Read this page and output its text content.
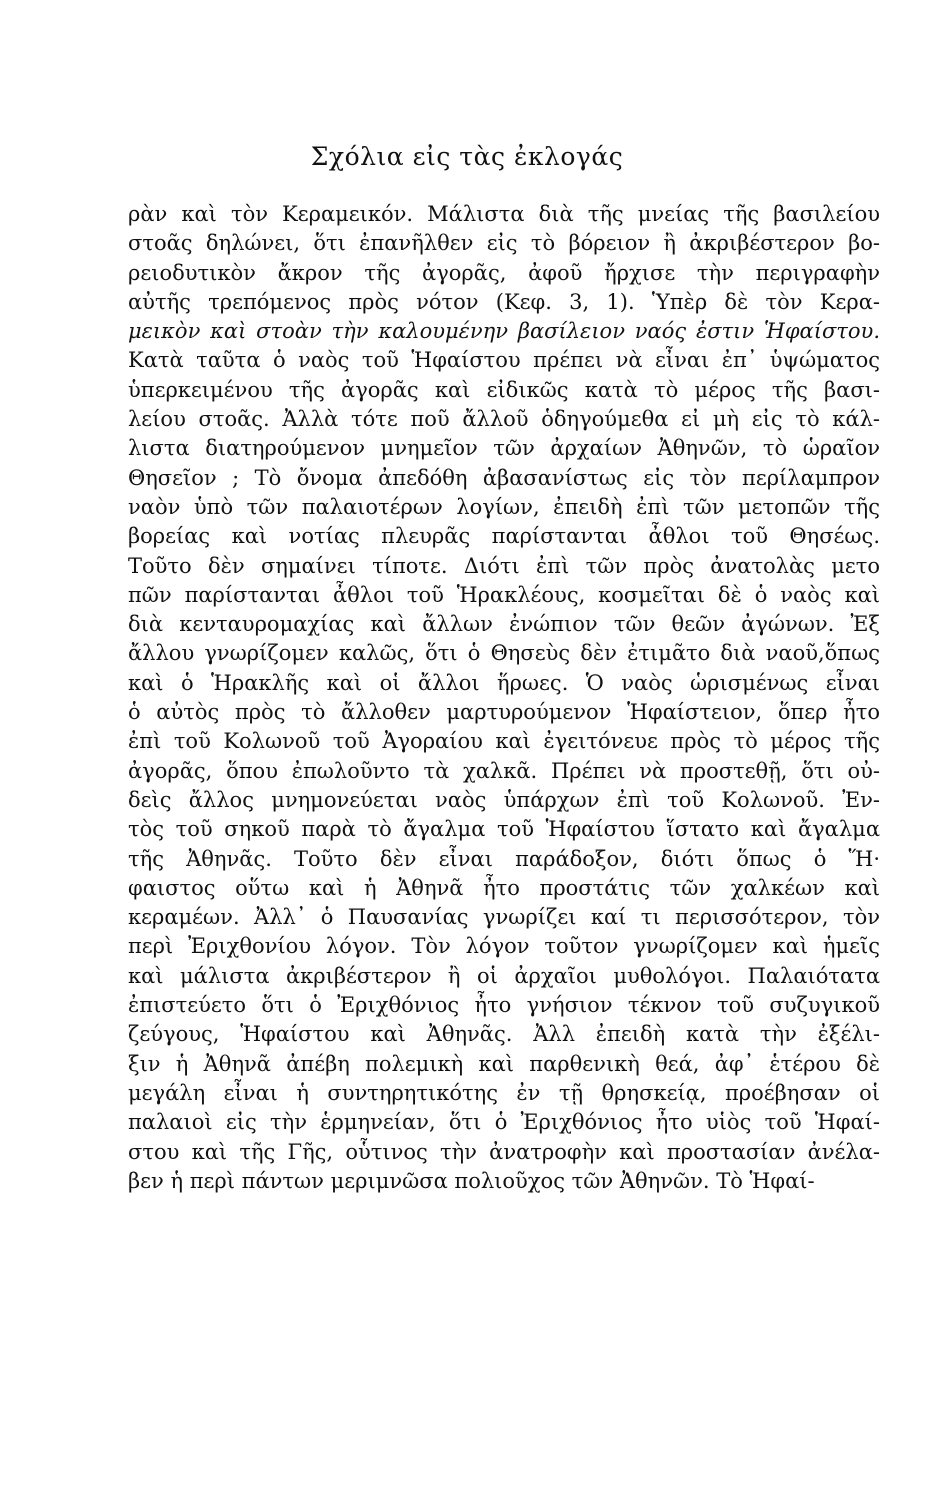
Σχόλια εἰς τὰς ἐκλογάς
ρὰν καὶ τὸν Κεραμεικόν. Μάλιστα διὰ τῆς μνείας τῆς βασιλείου
στοᾶς δηλώνει, ὅτι ἐπανῆλθεν εἰς τὸ βόρειον ἢ ἀκριβέστερον βο-
ρειοδυτικὸν ἄκρον τῆς ἀγορᾶς, ἀφοῦ ἤρχισε τὴν περιγραφὴν
αὐτῆς τρεπόμενος πρὸς νότον (Κεφ. 3, 1). Ὑπὲρ δὲ τὸν Κερα-
μεικὸν καὶ στοὰν τὴν καλουμένην βασίλειον ναός ἐστιν Ἡφαίστου.
Κατὰ ταῦτα ὁ ναὸς τοῦ Ἡφαίστου πρέπει νὰ εἶναι ἐπ᾽ ὑψώματος
ὑπερκειμένου τῆς ἀγορᾶς καὶ εἰδικῶς κατὰ τὸ μέρος τῆς βασι-
λείου στοᾶς. Ἀλλὰ τότε ποῦ ἄλλοῦ ὁδηγούμεθα εἰ μὴ εἰς τὸ κάλ-
λιστα διατηρούμενον μνημεῖον τῶν ἀρχαίων Ἀθηνῶν, τὸ ὡραῖον
Θησεῖον ; Τὸ ὄνομα ἀπεδόθη ἀβασανίστως εἰς τὸν περίλαμπρον
ναὸν ὑπὸ τῶν παλαιοτέρων λογίων, ἐπειδὴ ἐπὶ τῶν μετοπῶν τῆς
βορείας καὶ νοτίας πλευρᾶς παρίστανται ἆθλοι τοῦ Θησέως.
Τοῦτο δὲν σημαίνει τίποτε. Διότι ἐπὶ τῶν πρὸς ἀνατολὰς μετο
πῶν παρίστανται ἆθλοι τοῦ Ἡρακλέους, κοσμεῖται δὲ ὁ ναὸς καὶ
διὰ κενταυρομαχίας καὶ ἄλλων ἐνώπιον τῶν θεῶν ἀγώνων. Ἐξ
ἄλλου γνωρίζομεν καλῶς, ὅτι ὁ Θησεὺς δὲν ἐτιμᾶτο διὰ ναοῦ,ὅπως
καὶ ὁ Ἡρακλῆς καὶ οἱ ἄλλοι ἥρωες. Ὁ ναὸς ὡρισμένως εἶναι
ὁ αὐτὸς πρὸς τὸ ἄλλοθεν μαρτυρούμενον Ἡφαίστειον, ὅπερ ἦτο
ἐπὶ τοῦ Κολωνοῦ τοῦ Ἀγοραίου καὶ ἐγειτόνευε πρὸς τὸ μέρος τῆς
ἀγορᾶς, ὅπου ἐπωλοῦντο τὰ χαλκᾶ. Πρέπει νὰ προστεθῇ, ὅτι οὐ-
δεὶς ἄλλος μνημονεύεται ναὸς ὑπάρχων ἐπὶ τοῦ Κολωνοῦ. Ἐν-
τὸς τοῦ σηκοῦ παρὰ τὸ ἄγαλμα τοῦ Ἡφαίστου ἵστατο καὶ ἄγαλμα
τῆς Ἀθηνᾶς. Τοῦτο δὲν εἶναι παράδοξον, διότι ὅπως ὁ Ἥ·
φαιστος οὕτω καὶ ἡ Ἀθηνᾶ ἦτο προστάτις τῶν χαλκέων καὶ
κεραμέων. Ἀλλ᾽ ὁ Παυσανίας γνωρίζει καί τι περισσότερον, τὸν
περὶ Ἐριχθονίου λόγον. Τὸν λόγον τοῦτον γνωρίζομεν καὶ ἡμεῖς
καὶ μάλιστα ἀκριβέστερον ἢ οἱ ἀρχαῖοι μυθολόγοι. Παλαιότατα
ἐπιστεύετο ὅτι ὁ Ἐριχθόνιος ἦτο γνήσιον τέκνον τοῦ συζυγικοῦ
ζεύγους, Ἡφαίστου καὶ Ἀθηνᾶς. Ἀλλ ἐπειδὴ κατὰ τὴν ἐξέλι-
ξιν ἡ Ἀθηνᾶ ἀπέβη πολεμικὴ καὶ παρθενικὴ θεά, ἀφ᾽ ἑτέρου δὲ
μεγάλη εἶναι ἡ συντηρητικότης ἐν τῇ θρησκείᾳ, προέβησαν οἱ
παλαιοὶ εἰς τὴν ἑρμηνείαν, ὅτι ὁ Ἐριχθόνιος ἦτο υἱὸς τοῦ Ἡφαί-
στου καὶ τῆς Γῆς, οὗτινος τὴν ἀνατροφὴν καὶ προστασίαν ἀνέλα-
βεν ἡ περὶ πάντων μεριμνῶσα πολιοῦχος τῶν Ἀθηνῶν. Τὸ Ἡφαί-
